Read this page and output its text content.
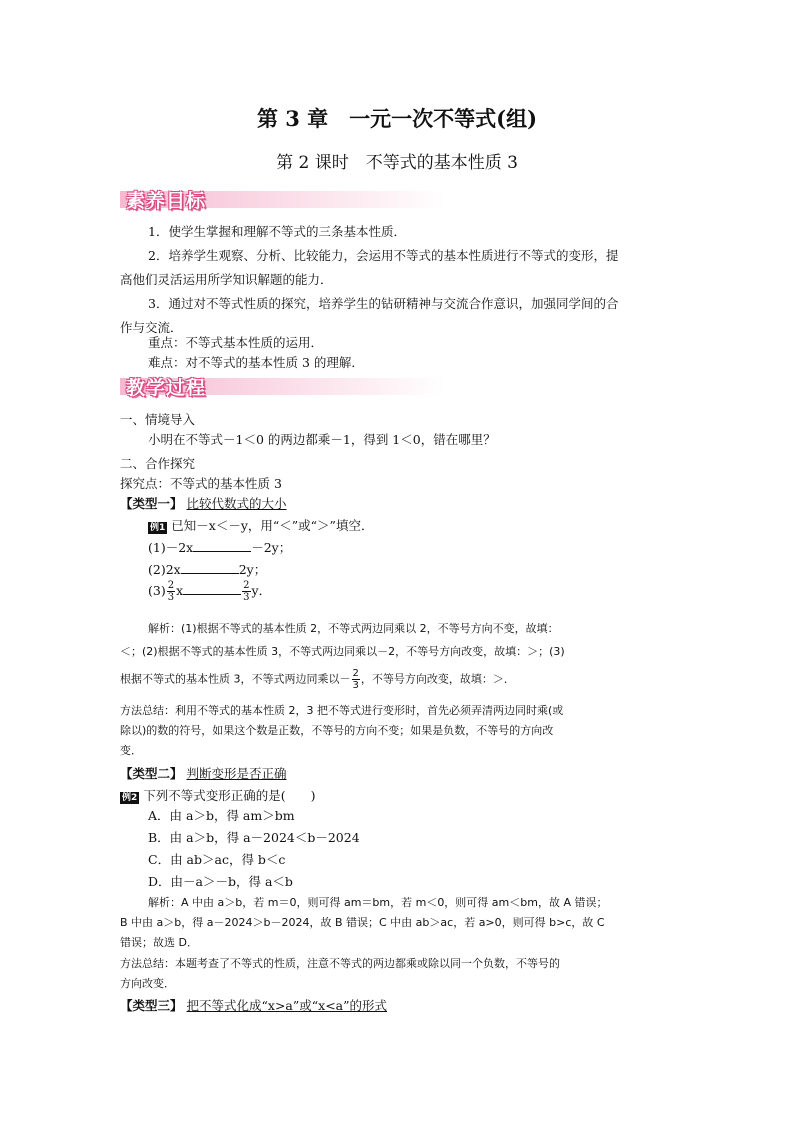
第 3 章　一元一次不等式(组)
第 2 课时　不等式的基本性质 3
素养目标
1．使学生掌握和理解不等式的三条基本性质．
2．培养学生观察、分析、比较能力，会运用不等式的基本性质进行不等式的变形，提
高他们灵活运用所学知识解题的能力．
3．通过对不等式性质的探究，培养学生的钻研精神与交流合作意识，加强同学间的合
作与交流．
重点：不等式基本性质的运用．
难点：对不等式的基本性质 3 的理解．
教学过程
一、情境导入
小明在不等式－1＜0 的两边都乘－1，得到 1＜0，错在哪里？
二、合作探究
探究点：不等式的基本性质 3
【类型一】 比较代数式的大小
例1 已知－x＜－y，用“＜”或“＞”填空．
(1)－2x	－2y；
(2)2x	2y；
$(3) \frac{2}{3}$ x	$\frac{2}{3}$ y．
解析：(1)根据不等式的基本性质 2，不等式两边同乘以 2，不等号方向不变，故填：
＜；(2)根据不等式的基本性质 3，不等式两边同乘以－2，不等号方向改变，故填：＞；(3)
根据不等式的基本性质 3，不等式两边同乘以－ $\frac{2}{3}$ ，不等号方向改变，故填：＞．
方法总结：利用不等式的基本性质 2，3 把不等式进行变形时，首先必须弄清两边同时乘(或
除以)的数的符号，如果这个数是正数，不等号的方向不变；如果是负数，不等号的方向改
变．
【类型二】 判断变形是否正确
例2 下列不等式变形正确的是(　　)
A．由 a＞b，得 am＞bm
B．由 a＞b，得 a－2024＜b－2024
C．由 ab＞ac，得 b＜c
D．由－a＞－b，得 a＜b
解析：A 中由 a＞b，若 m＝0，则可得 am＝bm，若 m＜0，则可得 am＜bm，故 A 错误；
B 中由 a＞b，得 a－2024＞b－2024，故 B 错误；C 中由 ab＞ac，若 a>0，则可得 b>c，故 C
错误；故选 D．
方法总结：本题考查了不等式的性质，注意不等式的两边都乘或除以同一个负数，不等号的
方向改变．
【类型三】 把不等式化成“x>a”或“x<a”的形式
